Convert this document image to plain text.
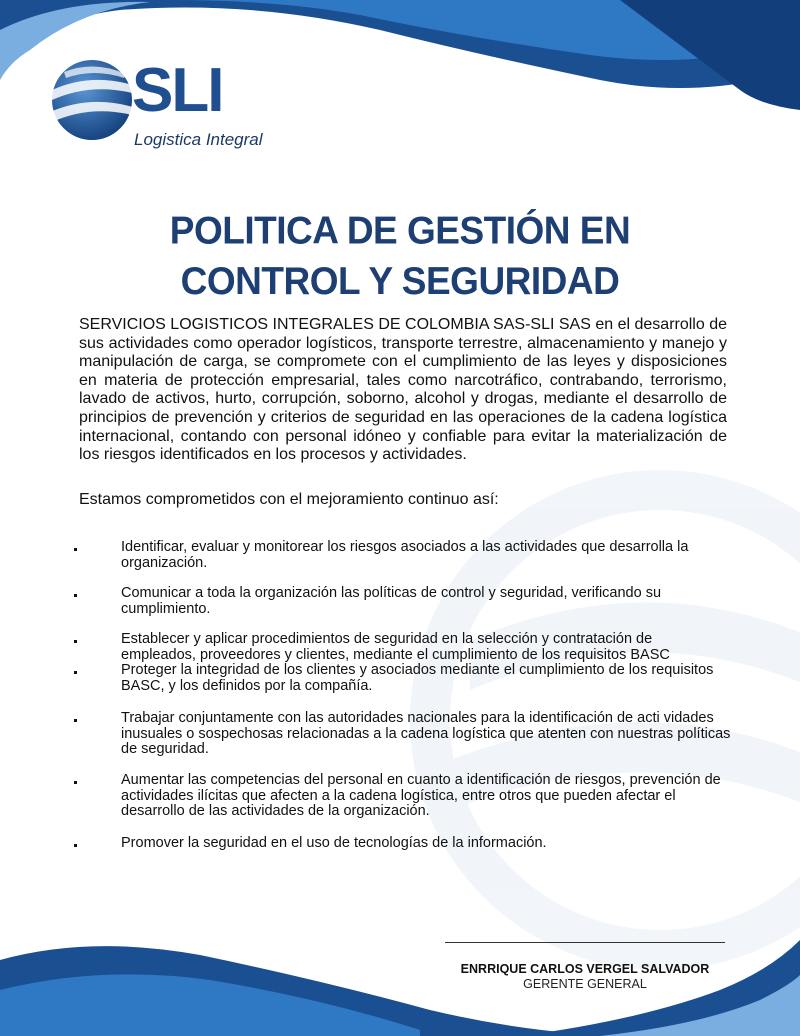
SLI
Logistica Integral
POLITICA DE GESTIÓN EN
CONTROL Y SEGURIDAD
SERVICIOS LOGISTICOS INTEGRALES DE COLOMBIA SAS-SLI SAS en el desarrollo de sus actividades como operador logísticos, transporte terrestre, almacenamiento y manejo y manipulación de carga, se compromete con el cumplimiento de las leyes y disposiciones en materia de protección empresarial, tales como narcotráfico, contrabando, terrorismo, lavado de activos, hurto, corrupción, soborno, alcohol y drogas, mediante el desarrollo de principios de prevención y criterios de seguridad en las operaciones de la cadena logística internacional, contando con personal idóneo y confiable para evitar la materialización de los riesgos identificados en los procesos y actividades.
Estamos comprometidos con el mejoramiento continuo así:
Identificar, evaluar y monitorear los riesgos asociados a las actividades que desarrolla la organización.
Comunicar a toda la organización las políticas de control y seguridad, verificando su cumplimiento.
Establecer y aplicar procedimientos de seguridad en la selección y contratación de empleados, proveedores y clientes, mediante el cumplimiento de los requisitos BASC
Proteger la integridad de los clientes y asociados mediante el cumplimiento de los requisitos BASC, y los definidos por la compañía.
Trabajar conjuntamente con las autoridades nacionales para la identificación de acti vidades inusuales o sospechosas relacionadas a la cadena logística que atenten con nuestras políticas de seguridad.
Aumentar las competencias del personal en cuanto a identificación de riesgos, prevención de actividades ilícitas que afecten a la cadena logística, entre otros que pueden afectar el desarrollo de las actividades de la organización.
Promover la seguridad en el uso de tecnologías de la información.
ENRRIQUE CARLOS VERGEL SALVADOR
GERENTE GENERAL
